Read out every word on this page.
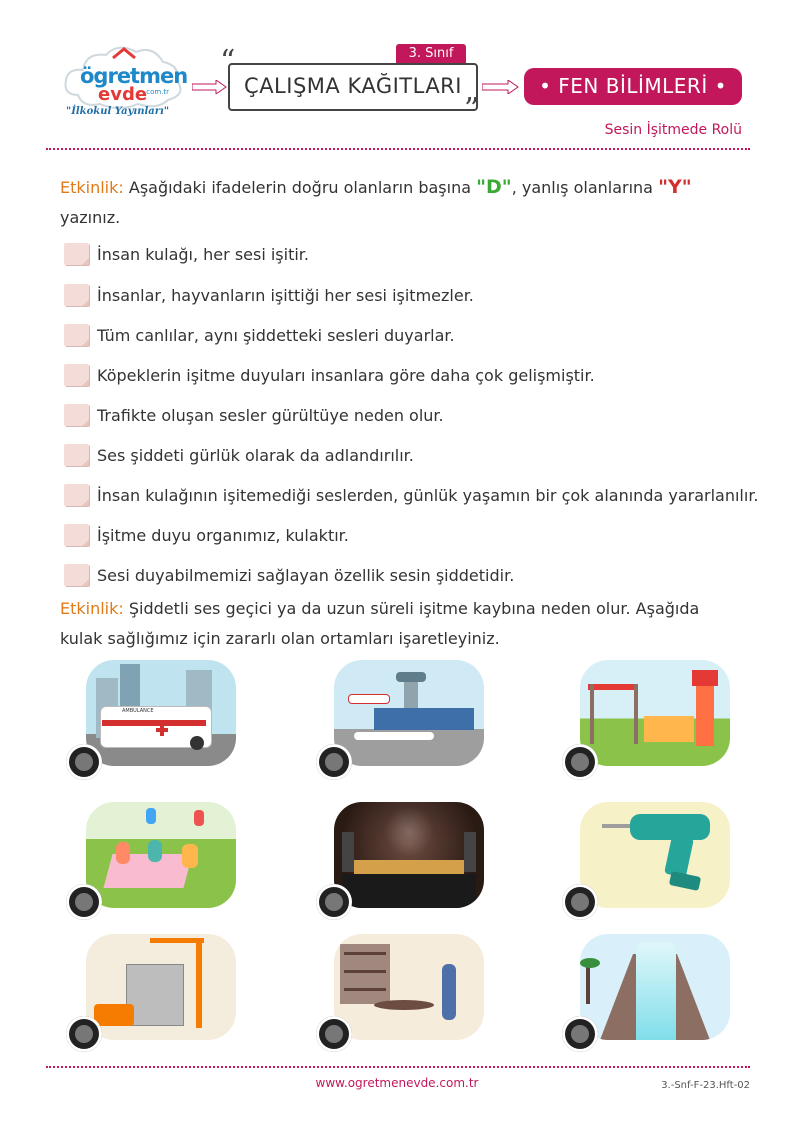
ögretmen
evde
.com.tr
"İlkokul Yayınları"
3. Sınıf
“
”
ÇALIŞMA KAĞITLARI	• FEN BİLİMLERİ •
Sesin İşitmede Rolü
Etkinlik: Aşağıdaki ifadelerin doğru olanların başına "D", yanlış olanlarına "Y"
yazınız.
İnsan kulağı, her sesi işitir.
İnsanlar, hayvanların işittiği her sesi işitmezler.
Tüm canlılar, aynı şiddetteki sesleri duyarlar.
Köpeklerin işitme duyuları insanlara göre daha çok gelişmiştir.
Trafikte oluşan sesler gürültüye neden olur.
Ses şiddeti gürlük olarak da adlandırılır.
İnsan kulağının işitemediği seslerden, günlük yaşamın bir çok alanında yararlanılır.
İşitme duyu organımız, kulaktır.
Sesi duyabilmemizi sağlayan özellik sesin şiddetidir.
Etkinlik: Şiddetli ses geçici ya da uzun süreli işitme kaybına neden olur. Aşağıda
kulak sağlığımız için zararlı olan ortamları işaretleyiniz.
AMBULANCE
www.ogretmenevde.com.tr	3.-Snf-F-23.Hft-02
